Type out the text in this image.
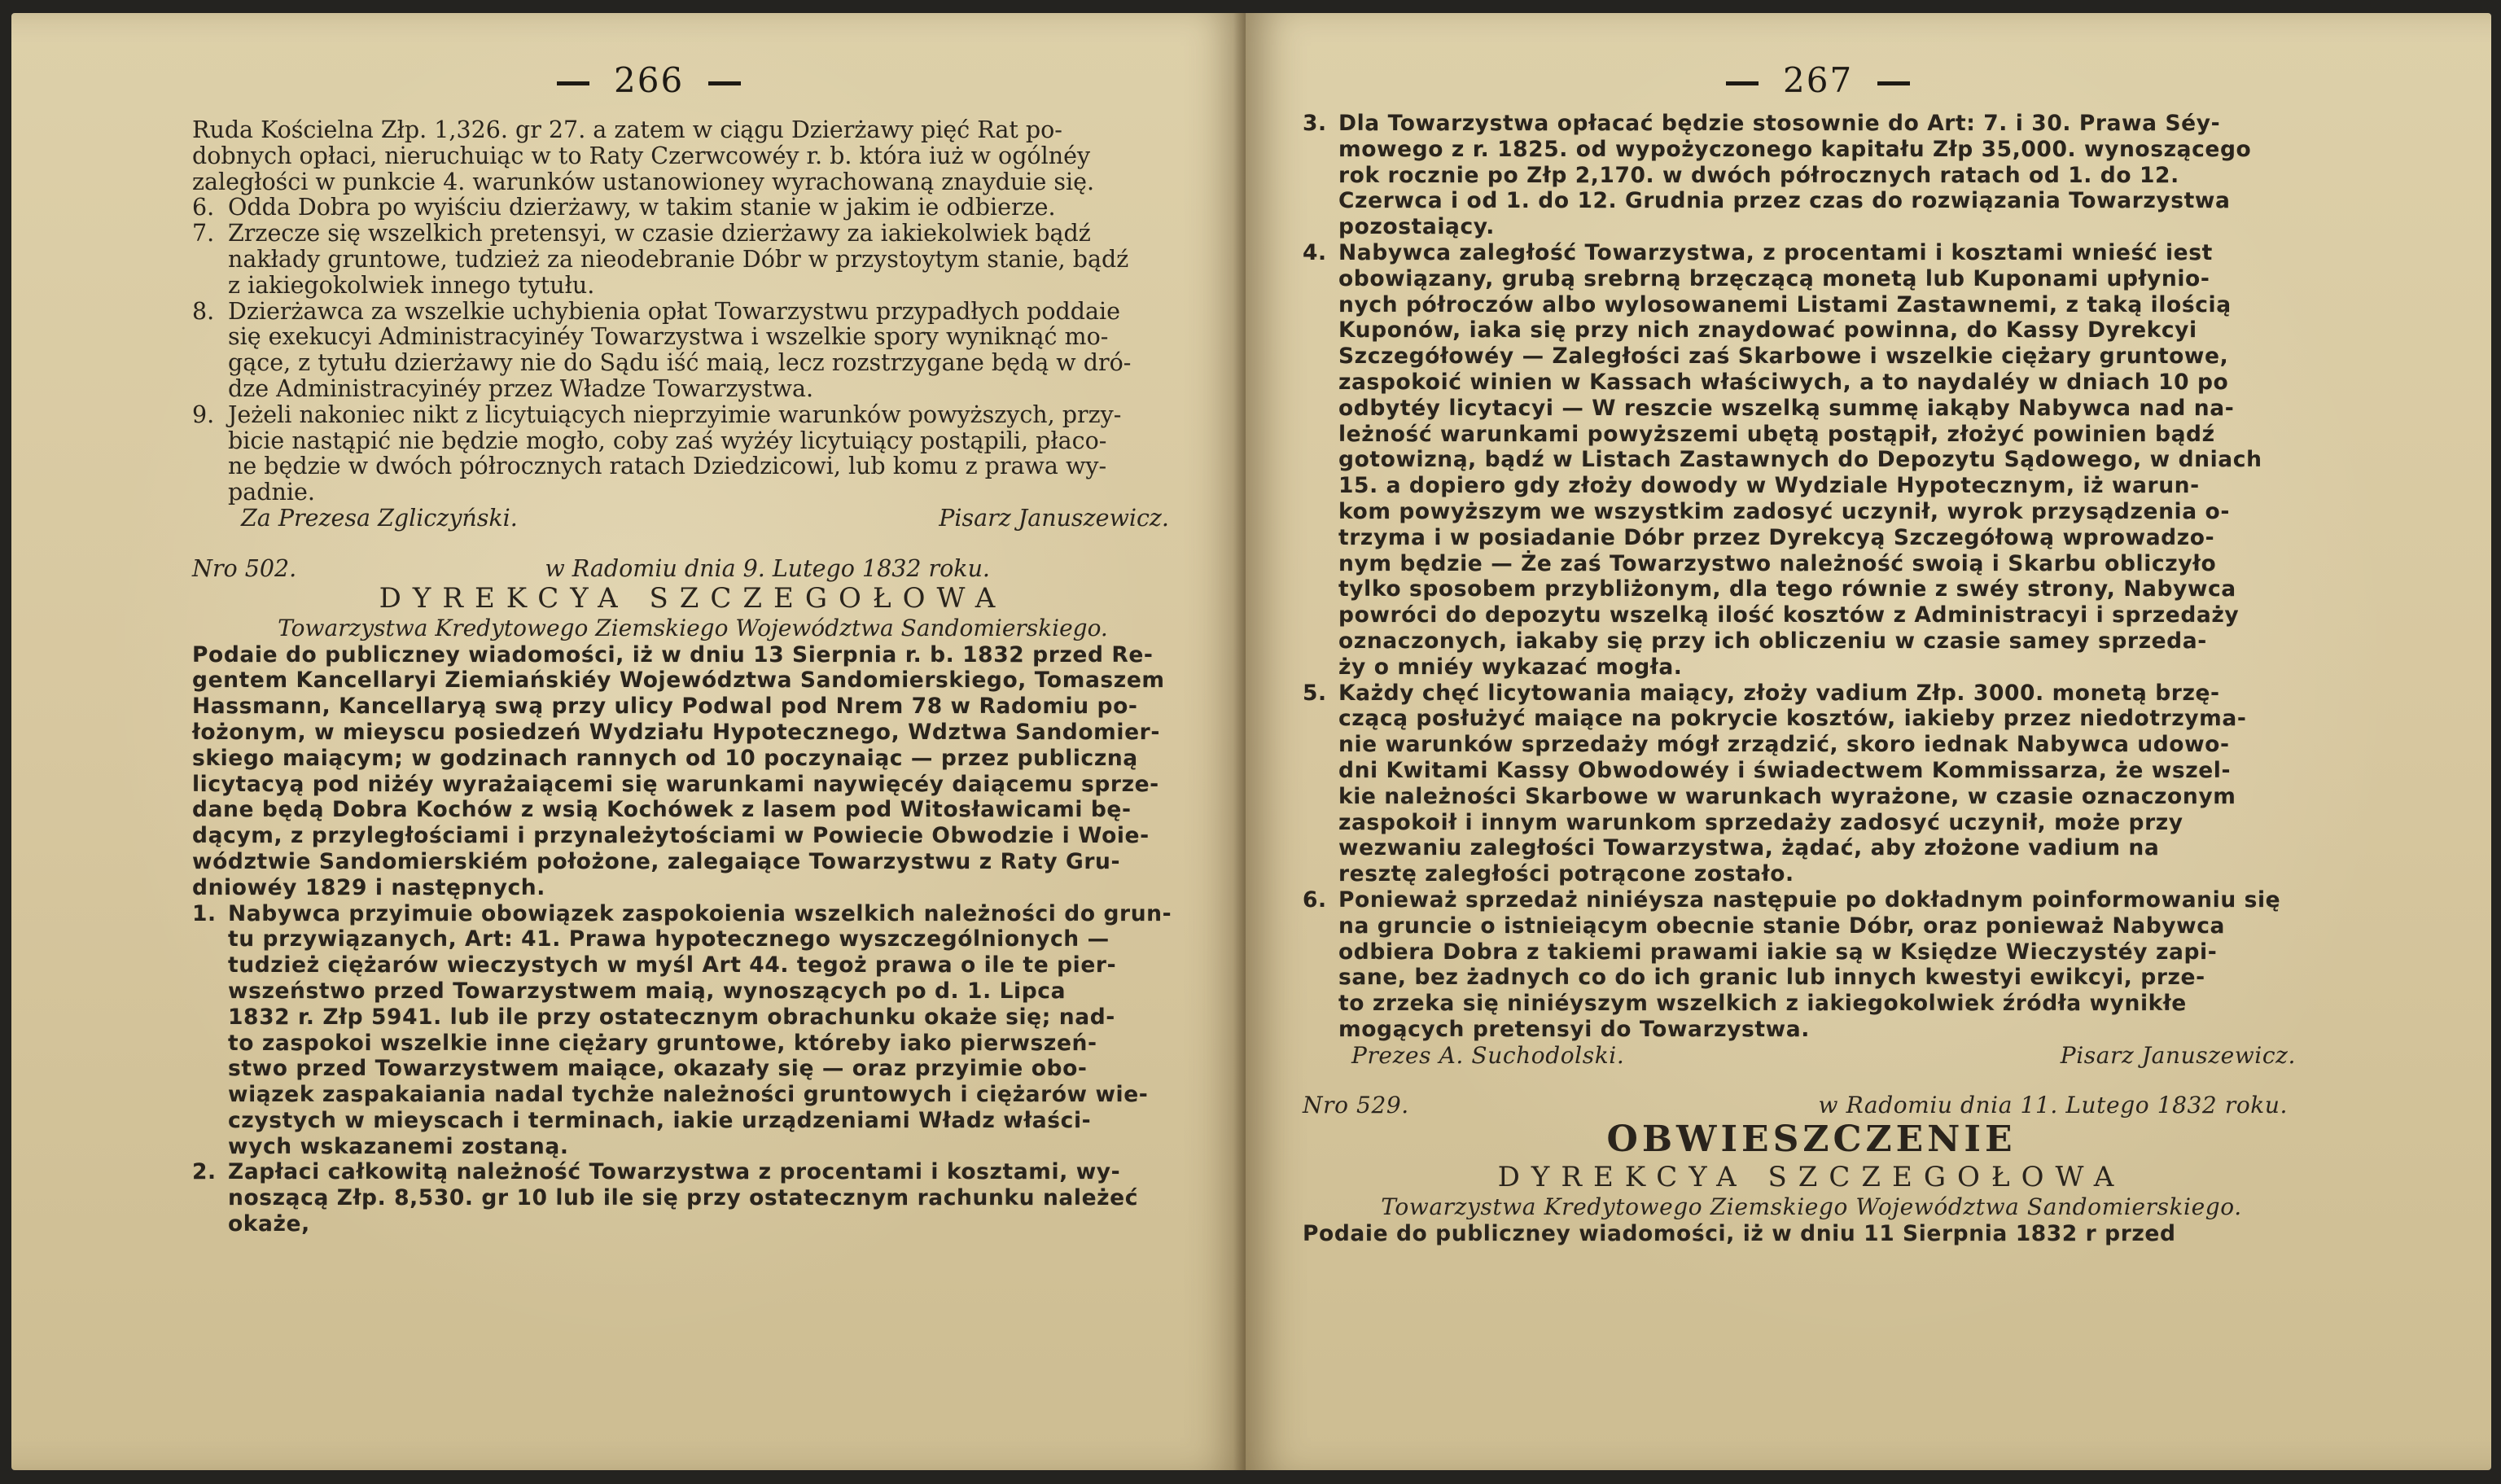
266
Ruda Kościelna Złp. 1,326. gr 27. a zatem w ciągu Dzierżawy pięć Rat po-
dobnych opłaci, nieruchuiąc w to Raty Czerwcowéy r. b. która iuż w ogólnéy
zaległości w punkcie 4. warunków ustanowioney wyrachowaną znayduie się.
6. Odda Dobra po wyiściu dzierżawy, w takim stanie w jakim ie odbierze.
7. Zrzecze się wszelkich pretensyi, w czasie dzierżawy za iakiekolwiek bądź
nakłady gruntowe, tudzież za nieodebranie Dóbr w przystoytym stanie, bądź
z iakiegokolwiek innego tytułu.
8. Dzierżawca za wszelkie uchybienia opłat Towarzystwu przypadłych poddaie
się exekucyi Administracyinéy Towarzystwa i wszelkie spory wyniknąć mo-
gące, z tytułu dzierżawy nie do Sądu iść maią, lecz rozstrzygane będą w dró-
dze Administracyinéy przez Władze Towarzystwa.
9. Jeżeli nakoniec nikt z licytuiących nieprzyimie warunków powyższych, przy-
bicie nastąpić nie będzie mogło, coby zaś wyżéy licytuiący postąpili, płaco-
ne będzie w dwóch półrocznych ratach Dziedzicowi, lub komu z prawa wy-
padnie.
Za Prezesa Zgliczyński.	Pisarz Januszewicz.
Nro 502.	w Radomiu dnia 9. Lutego 1832 roku.
DYREKCYA SZCZEGOŁOWA
Towarzystwa Kredytowego Ziemskiego Województwa Sandomierskiego.
Podaie do publiczney wiadomości, iż w dniu 13 Sierpnia r. b. 1832 przed Re-
gentem Kancellaryi Ziemiańskiéy Województwa Sandomierskiego, Tomaszem
Hassmann, Kancellaryą swą przy ulicy Podwal pod Nrem 78 w Radomiu po-
łożonym, w mieyscu posiedzeń Wydziału Hypotecznego, Wdztwa Sandomier-
skiego maiącym; w godzinach rannych od 10 poczynaiąc — przez publiczną
licytacyą pod niżéy wyrażaiącemi się warunkami naywięcéy daiącemu sprze-
dane będą Dobra Kochów z wsią Kochówek z lasem pod Witosławicami bę-
dącym, z przyległościami i przynależytościami w Powiecie Obwodzie i Woie-
wództwie Sandomierskiém położone, zalegaiące Towarzystwu z Raty Gru-
dniowéy 1829 i następnych.
1. Nabywca przyimuie obowiązek zaspokoienia wszelkich należności do grun-
tu przywiązanych, Art: 41. Prawa hypotecznego wyszczególnionych —
tudzież ciężarów wieczystych w myśl Art 44. tegoż prawa o ile te pier-
wszeństwo przed Towarzystwem maią, wynoszących po d. 1. Lipca
1832 r. Złp 5941. lub ile przy ostatecznym obrachunku okaże się; nad-
to zaspokoi wszelkie inne ciężary gruntowe, któreby iako pierwszeń-
stwo przed Towarzystwem maiące, okazały się — oraz przyimie obo-
wiązek zaspakaiania nadal tychże należności gruntowych i ciężarów wie-
czystych w mieyscach i terminach, iakie urządzeniami Władz właści-
wych wskazanemi zostaną.
2. Zapłaci całkowitą należność Towarzystwa z procentami i kosztami, wy-
noszącą Złp. 8,530. gr 10 lub ile się przy ostatecznym rachunku należeć
okaże,
267
3. Dla Towarzystwa opłacać będzie stosownie do Art: 7. i 30. Prawa Séy-
mowego z r. 1825. od wypożyczonego kapitału Złp 35,000. wynoszącego
rok rocznie po Złp 2,170. w dwóch półrocznych ratach od 1. do 12.
Czerwca i od 1. do 12. Grudnia przez czas do rozwiązania Towarzystwa
pozostaiący.
4. Nabywca zaległość Towarzystwa, z procentami i kosztami wnieść iest
obowiązany, grubą srebrną brzęczącą monetą lub Kuponami upłynio-
nych półroczów albo wylosowanemi Listami Zastawnemi, z taką ilością
Kuponów, iaka się przy nich znaydować powinna, do Kassy Dyrekcyi
Szczegółowéy — Zaległości zaś Skarbowe i wszelkie ciężary gruntowe,
zaspokoić winien w Kassach właściwych, a to naydaléy w dniach 10 po
odbytéy licytacyi — W reszcie wszelką summę iakąby Nabywca nad na-
leżność warunkami powyższemi ubętą postąpił, złożyć powinien bądź
gotowizną, bądź w Listach Zastawnych do Depozytu Sądowego, w dniach
15. a dopiero gdy złoży dowody w Wydziale Hypotecznym, iż warun-
kom powyższym we wszystkim zadosyć uczynił, wyrok przysądzenia o-
trzyma i w posiadanie Dóbr przez Dyrekcyą Szczegółową wprowadzo-
nym będzie — Że zaś Towarzystwo należność swoią i Skarbu obliczyło
tylko sposobem przybliżonym, dla tego równie z swéy strony, Nabywca
powróci do depozytu wszelką ilość kosztów z Administracyi i sprzedaży
oznaczonych, iakaby się przy ich obliczeniu w czasie samey sprzeda-
ży o mniéy wykazać mogła.
5. Każdy chęć licytowania maiący, złoży vadium Złp. 3000. monetą brzę-
czącą posłużyć maiące na pokrycie kosztów, iakieby przez niedotrzyma-
nie warunków sprzedaży mógł zrządzić, skoro iednak Nabywca udowo-
dni Kwitami Kassy Obwodowéy i świadectwem Kommissarza, że wszel-
kie należności Skarbowe w warunkach wyrażone, w czasie oznaczonym
zaspokoił i innym warunkom sprzedaży zadosyć uczynił, może przy
wezwaniu zaległości Towarzystwa, żądać, aby złożone vadium na
resztę zaległości potrącone zostało.
6. Ponieważ sprzedaż niniéysza następuie po dokładnym poinformowaniu się
na gruncie o istnieiącym obecnie stanie Dóbr, oraz ponieważ Nabywca
odbiera Dobra z takiemi prawami iakie są w Księdze Wieczystéy zapi-
sane, bez żadnych co do ich granic lub innych kwestyi ewikcyi, prze-
to zrzeka się niniéyszym wszelkich z iakiegokolwiek źródła wynikłe
mogących pretensyi do Towarzystwa.
Prezes A. Suchodolski.	Pisarz Januszewicz.
Nro 529.	w Radomiu dnia 11. Lutego 1832 roku.
OBWIESZCZENIE
DYREKCYA SZCZEGOŁOWA
Towarzystwa Kredytowego Ziemskiego Województwa Sandomierskiego.
Podaie do publiczney wiadomości, iż w dniu 11 Sierpnia 1832 r przed
